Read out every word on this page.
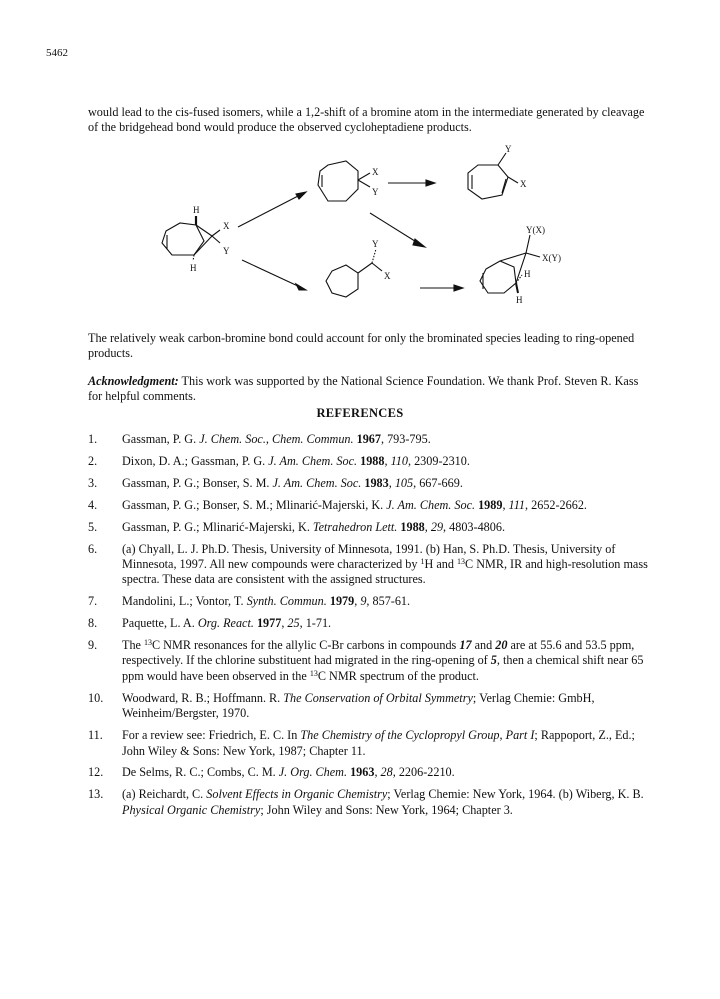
5462
would lead to the cis-fused isomers, while a 1,2-shift of a bromine atom in the intermediate generated by cleavage of the bridgehead bond would produce the observed cycloheptadiene products.
H
X
Y
H
X
Y
Y
X
Y
X
Y(X)
X(Y)
H
H
The relatively weak carbon-bromine bond could account for only the brominated species leading to ring-opened products.
Acknowledgment: This work was supported by the National Science Foundation. We thank Prof. Steven R. Kass for helpful comments.
REFERENCES
1.	Gassman, P. G. J. Chem. Soc., Chem. Commun. 1967, 793-795.
2.	Dixon, D. A.; Gassman, P. G. J. Am. Chem. Soc. 1988, 110, 2309-2310.
3.	Gassman, P. G.; Bonser, S. M. J. Am. Chem. Soc. 1983, 105, 667-669.
4.	Gassman, P. G.; Bonser, S. M.; Mlinarić-Majerski, K. J. Am. Chem. Soc. 1989, 111, 2652-2662.
5.	Gassman, P. G.; Mlinarić-Majerski, K. Tetrahedron Lett. 1988, 29, 4803-4806.
6.	(a) Chyall, L. J. Ph.D. Thesis, University of Minnesota, 1991. (b) Han, S. Ph.D. Thesis, University of Minnesota, 1997. All new compounds were characterized by $^1$H and $^{13}$C NMR, IR and high-resolution mass spectra. These data are consistent with the assigned structures.
7.	Mandolini, L.; Vontor, T. Synth. Commun. 1979, 9, 857-61.
8.	Paquette, L. A. Org. React. 1977, 25, 1-71.
9.	The $^{13}$C NMR resonances for the allylic C-Br carbons in compounds 17 and 20 are at 55.6 and 53.5 ppm, respectively. If the chlorine substituent had migrated in the ring-opening of 5, then a chemical shift near 65 ppm would have been observed in the $^{13}$C NMR spectrum of the product.
10.	Woodward, R. B.; Hoffmann. R. The Conservation of Orbital Symmetry; Verlag Chemie: GmbH, Weinheim/Bergster, 1970.
11.	For a review see: Friedrich, E. C. In The Chemistry of the Cyclopropyl Group, Part I; Rappoport, Z., Ed.; John Wiley & Sons: New York, 1987; Chapter 11.
12.	De Selms, R. C.; Combs, C. M. J. Org. Chem. 1963, 28, 2206-2210.
13.	(a) Reichardt, C. Solvent Effects in Organic Chemistry; Verlag Chemie: New York, 1964. (b) Wiberg, K. B. Physical Organic Chemistry; John Wiley and Sons: New York, 1964; Chapter 3.
